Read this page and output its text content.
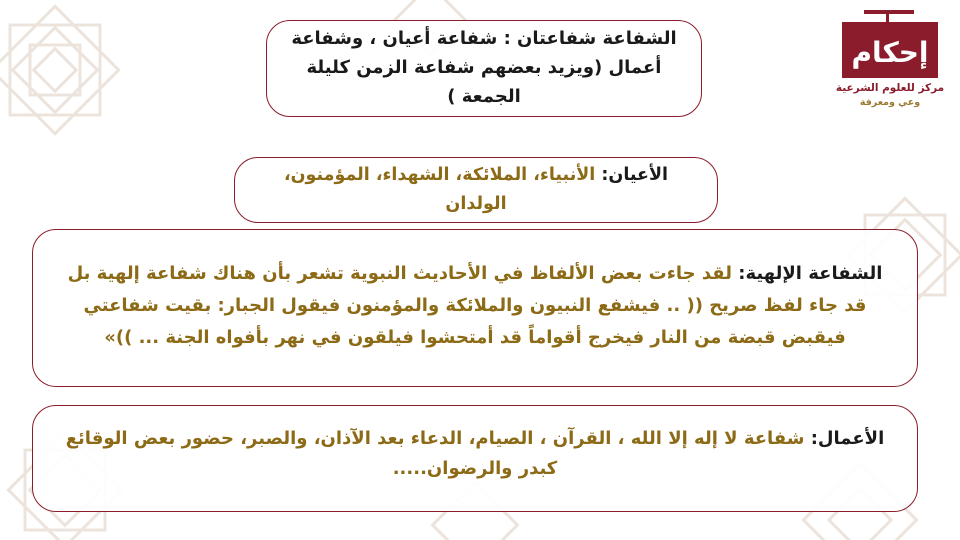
إحكام
مركز للعلوم الشرعية
وعي ومعرفة

الشفاعة شفاعتان : شفاعة أعيان ، وشفاعة أعمال (ويزيد بعضهم شفاعة الزمن كليلة الجمعة )

الأعيان: الأنبياء، الملائكة، الشهداء، المؤمنون، الولدان

الشفاعة الإلهية: لقد جاءت بعض الألفاظ في الأحاديث النبوية تشعر بأن هناك شفاعة إلهية بل قد جاء لفظ صريح (( .. فيشفع النبيون والملائكة والمؤمنون فيقول الجبار: بقيت شفاعتي فيقبض قبضة من النار فيخرج أقواماً قد أمتحشوا فيلقون في نهر بأفواه الجنة ... ))»

الأعمال: شفاعة لا إله إلا الله ، القرآن ، الصيام، الدعاء بعد الآذان، والصبر، حضور بعض الوقائع كبدر والرضوان.....
